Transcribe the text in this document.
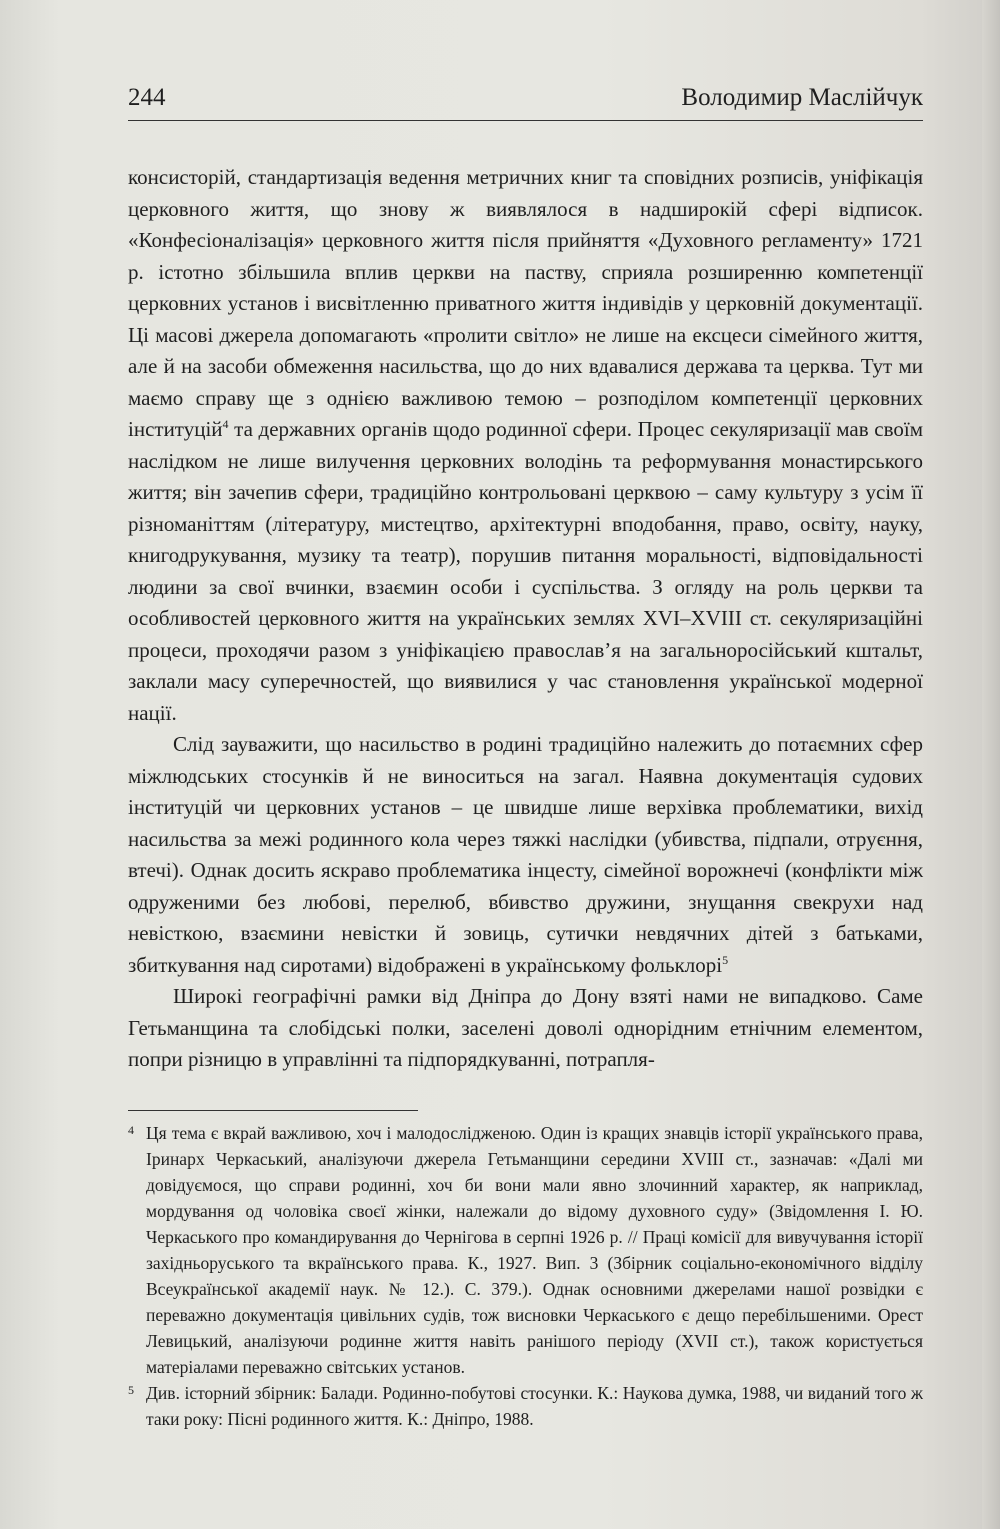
244	Володимир Маслійчук

консисторій, стандартизація ведення метричних книг та сповідних розписів, уніфікація церковного життя, що знову ж виявлялося в надширокій сфері відписок. «Конфесіоналізація» церковного життя після прийняття «Духовного регламенту» 1721 р. істотно збільшила вплив церкви на паству, сприяла розширенню компетенції церковних установ і висвітленню приватного життя індивідів у церковній документації. Ці масові джерела допомагають «пролити світло» не лише на ексцеси сімейного життя, але й на засоби обмеження насильства, що до них вдавалися держава та церква. Тут ми маємо справу ще з однією важливою темою – розподілом компетенції церковних інституцій$^4$ та державних органів щодо родинної сфери. Процес секуляризації мав своїм наслідком не лише вилучення церковних володінь та реформування монастирського життя; він зачепив сфери, традиційно контрольовані церквою – саму культуру з усім її різноманіттям (літературу, мистецтво, архітектурні вподобання, право, освіту, науку, книгодрукування, музику та театр), порушив питання моральності, відповідальності людини за свої вчинки, взаємин особи і суспільства. З огляду на роль церкви та особливостей церковного життя на українських землях XVI–XVIII ст. секуляризаційні процеси, проходячи разом з уніфікацією православ’я на загальноросійський кштальт, заклали масу суперечностей, що виявилися у час становлення української модерної нації.

Слід зауважити, що насильство в родині традиційно належить до потаємних сфер міжлюдських стосунків й не виноситься на загал. Наявна документація судових інституцій чи церковних установ – це швидше лише верхівка проблематики, вихід насильства за межі родинного кола через тяжкі наслідки (убивства, підпали, отруєння, втечі). Однак досить яскраво проблематика інцесту, сімейної ворожнечі (конфлікти між одруженими без любові, перелюб, вбивство дружини, знущання свекрухи над невісткою, взаємини невістки й зовиць, сутички невдячних дітей з батьками, збиткування над сиротами) відображені в українському фольклорі$^5$

Широкі географічні рамки від Дніпра до Дону взяті нами не випадково. Саме Гетьманщина та слобідські полки, заселені доволі однорідним етнічним елементом, попри різницю в управлінні та підпорядкуванні, потрапля-

4 Ця тема є вкрай важливою, хоч і малодослідженою. Один із кращих знавців історії українського права, Іринарх Черкаський, аналізуючи джерела Гетьманщини середини XVIII ст., зазначав: «Далі ми довідуємося, що справи родинні, хоч би вони мали явно злочинний характер, як наприклад, мордування од чоловіка своєї жінки, належали до відому духовного суду» (Звідомлення І. Ю. Черкаського про командирування до Чернігова в серпні 1926 р. // Праці комісії для вивучування історії західньоруського та вкраїнського права. К., 1927. Вип. 3 (Збірник соціально-економічного відділу Всеукраїнської академії наук. № 12.). С. 379.). Однак основними джерелами нашої розвідки є переважно документація цивільних судів, тож висновки Черкаського є дещо перебільшеними. Орест Левицький, аналізуючи родинне життя навіть ранішого періоду (XVII ст.), також користується матеріалами переважно світських установ.

5 Див. історний збірник: Балади. Родинно-побутові стосунки. К.: Наукова думка, 1988, чи виданий того ж таки року: Пісні родинного життя. К.: Дніпро, 1988.
